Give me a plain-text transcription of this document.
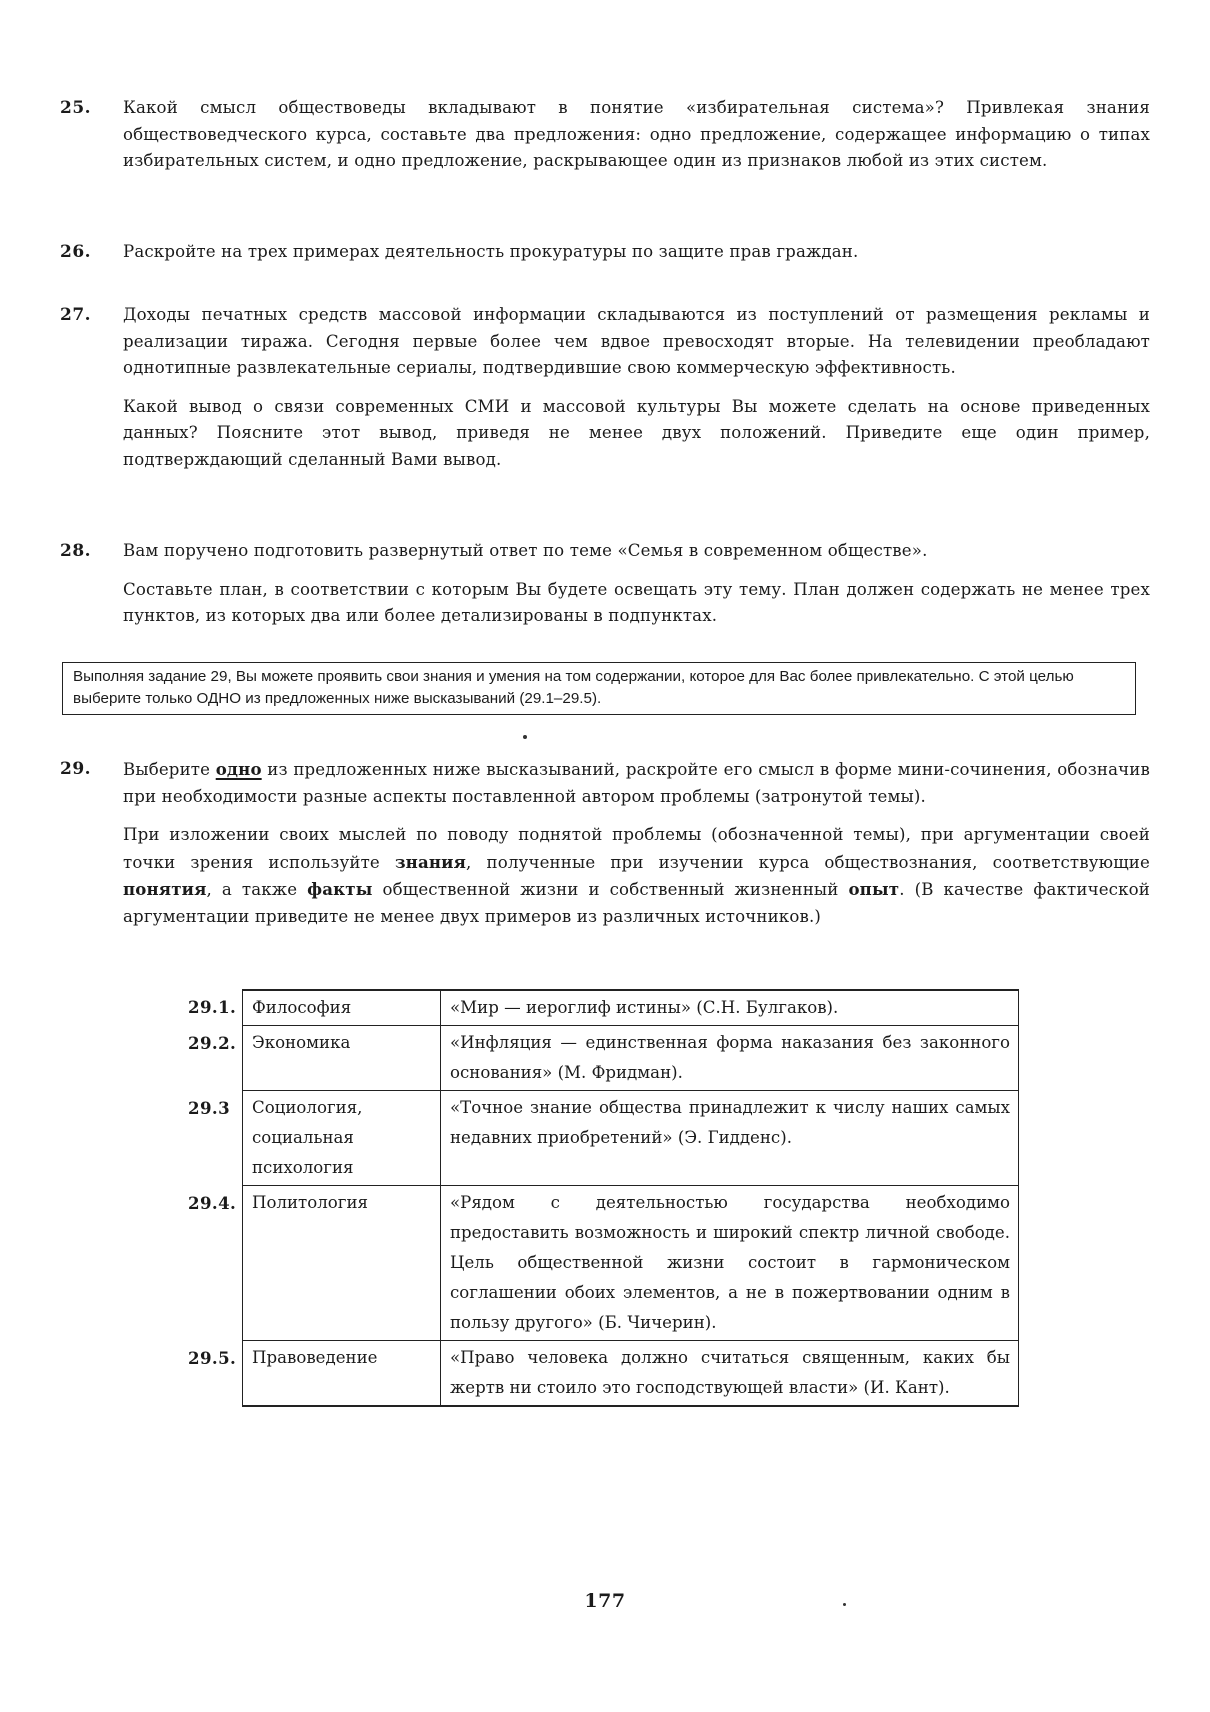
25. Какой смысл обществоведы вкладывают в понятие «избирательная система»? Привлекая знания обществоведческого курса, составьте два предложения: одно предложение, содержащее информацию о типах избирательных систем, и одно предложение, раскрывающее один из признаков любой из этих систем.

26. Раскройте на трех примерах деятельность прокуратуры по защите прав граждан.

27. Доходы печатных средств массовой информации складываются из поступлений от размещения рекламы и реализации тиража. Сегодня первые более чем вдвое превосходят вторые. На телевидении преобладают однотипные развлекательные сериалы, подтвердившие свою коммерческую эффективность.

Какой вывод о связи современных СМИ и массовой культуры Вы можете сделать на основе приведенных данных? Поясните этот вывод, приведя не менее двух положений. Приведите еще один пример, подтверждающий сделанный Вами вывод.

28. Вам поручено подготовить развернутый ответ по теме «Семья в современном обществе».

Составьте план, в соответствии с которым Вы будете освещать эту тему. План должен содержать не менее трех пунктов, из которых два или более детализированы в подпунктах.

Выполняя задание 29, Вы можете проявить свои знания и умения на том содержании, которое для Вас более привлекательно. С этой целью выберите только ОДНО из предложенных ниже высказываний (29.1–29.5).
29. Выберите одно из предложенных ниже высказываний, раскройте его смысл в форме мини-сочинения, обозначив при необходимости разные аспекты поставленной автором проблемы (затронутой темы).

При изложении своих мыслей по поводу поднятой проблемы (обозначенной темы), при аргументации своей точки зрения используйте знания, полученные при изучении курса обществознания, соответствующие понятия, а также факты общественной жизни и собственный жизненный опыт. (В качестве фактической аргументации приведите не менее двух примеров из различных источников.)

29.1.	Философия	«Мир — иероглиф истины» (С.Н. Булгаков).
29.2.	Экономика	«Инфляция — единственная форма наказания без законного основания» (М. Фридман).
29.3	Социология, социальная психология	«Точное знание общества принадлежит к числу наших самых недавних приобретений» (Э. Гидденс).
29.4.	Политология	«Рядом с деятельностью государства необходимо предоставить возможность и широкий спектр личной свободе. Цель общественной жизни состоит в гармоническом соглашении обоих элементов, а не в пожертвовании одним в пользу другого» (Б. Чичерин).
29.5.	Правоведение	«Право человека должно считаться священным, каких бы жертв ни стоило это господствующей власти» (И. Кант).
177
